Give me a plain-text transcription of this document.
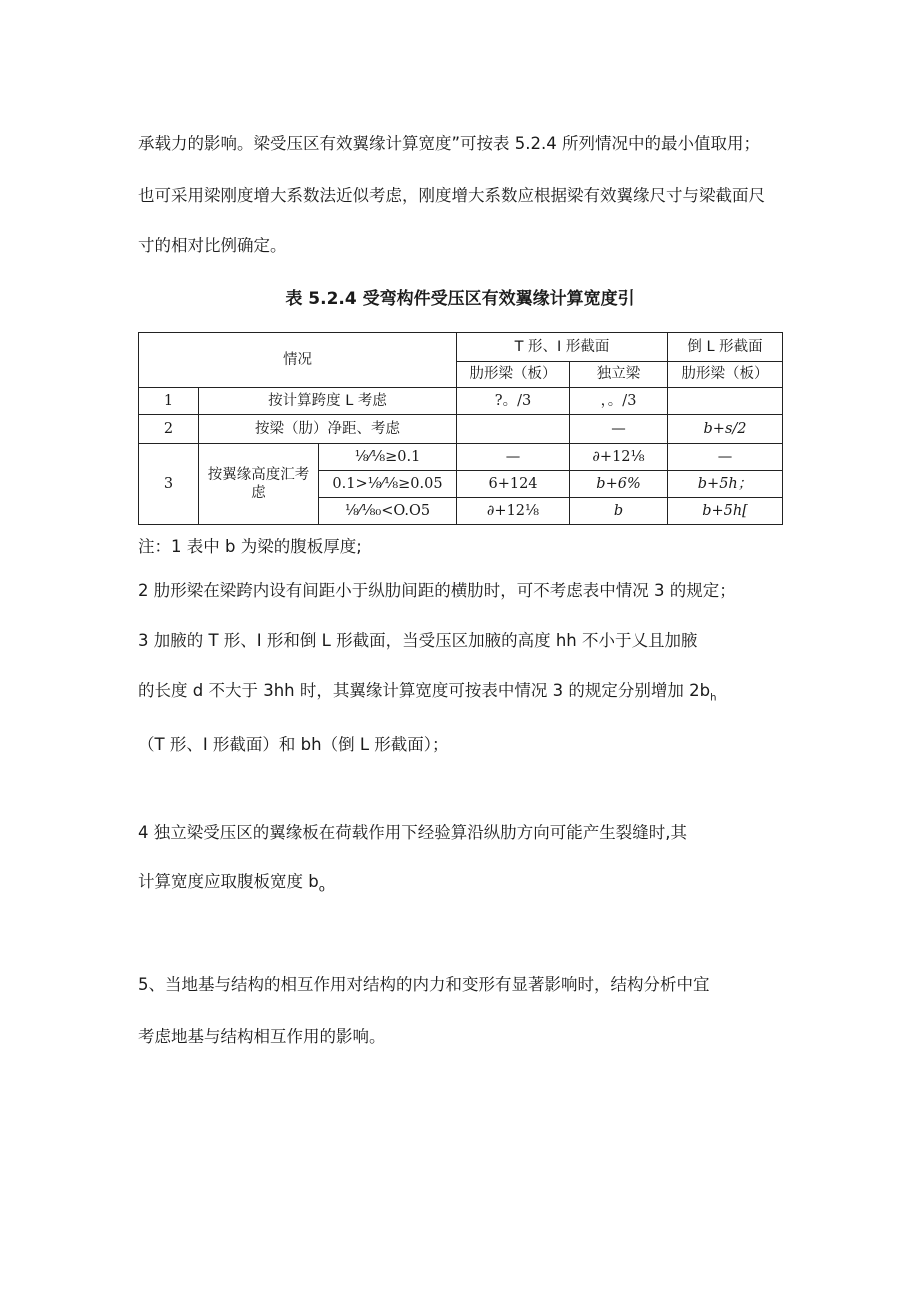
承载力的影响。梁受压区有效翼缘计算宽度”可按表 5.2.4 所列情况中的最小值取用；
也可采用梁刚度增大系数法近似考虑，刚度增大系数应根据梁有效翼缘尺寸与梁截面尺
寸的相对比例确定。
表 5.2.4 受弯构件受压区有效翼缘计算宽度引
情况			T 形、I 形截面		倒 L 形截面
			肋形梁（板）	独立梁	肋形梁（板）
1	按计算跨度 L 考虑		?。/3	，。/3	
2	按梁（肋）净距、考虑			—	b+s/2
3	按翼缘高度汇考虑	⅛⁄⅛≥0.1	—	∂+12⅛	—
		0.1>⅛⁄⅛≥0.05	6+124	b+6%	b+5h；
		⅛⁄⅛₀<O.O5	∂+12⅛	b	b+5h[
注：1 表中 b 为梁的腹板厚度;
2 肋形梁在梁跨内设有间距小于纵肋间距的横肋时，可不考虑表中情况 3 的规定；
3 加腋的 T 形、I 形和倒 L 形截面，当受压区加腋的高度 hh 不小于乂且加腋
的长度 d 不大于 3hh 时，其翼缘计算宽度可按表中情况 3 的规定分别增加 $2b_h$
（T 形、I 形截面）和 bh（倒 L 形截面）；
4 独立梁受压区的翼缘板在荷载作用下经验算沿纵肋方向可能产生裂缝时,其
计算宽度应取腹板宽度 $b_o$
5、当地基与结构的相互作用对结构的内力和变形有显著影响时，结构分析中宜
考虑地基与结构相互作用的影响。
